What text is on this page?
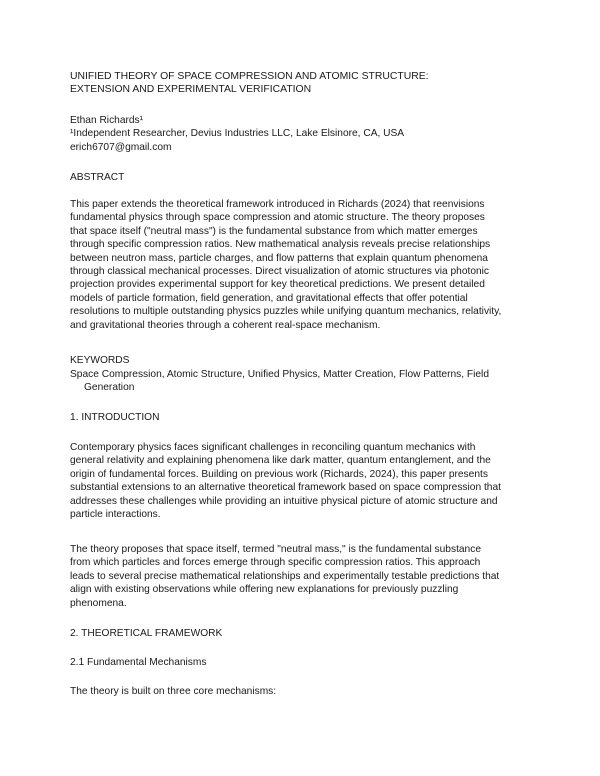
UNIFIED THEORY OF SPACE COMPRESSION AND ATOMIC STRUCTURE:
EXTENSION AND EXPERIMENTAL VERIFICATION
Ethan Richards¹
¹Independent Researcher, Devius Industries LLC, Lake Elsinore, CA, USA
erich6707@gmail.com
ABSTRACT
This paper extends the theoretical framework introduced in Richards (2024) that reenvisions
fundamental physics through space compression and atomic structure. The theory proposes
that space itself ("neutral mass") is the fundamental substance from which matter emerges
through specific compression ratios. New mathematical analysis reveals precise relationships
between neutron mass, particle charges, and flow patterns that explain quantum phenomena
through classical mechanical processes. Direct visualization of atomic structures via photonic
projection provides experimental support for key theoretical predictions. We present detailed
models of particle formation, field generation, and gravitational effects that offer potential
resolutions to multiple outstanding physics puzzles while unifying quantum mechanics, relativity,
and gravitational theories through a coherent real-space mechanism.
KEYWORDS
Space Compression, Atomic Structure, Unified Physics, Matter Creation, Flow Patterns, Field
Generation
1. INTRODUCTION
Contemporary physics faces significant challenges in reconciling quantum mechanics with
general relativity and explaining phenomena like dark matter, quantum entanglement, and the
origin of fundamental forces. Building on previous work (Richards, 2024), this paper presents
substantial extensions to an alternative theoretical framework based on space compression that
addresses these challenges while providing an intuitive physical picture of atomic structure and
particle interactions.
The theory proposes that space itself, termed "neutral mass," is the fundamental substance
from which particles and forces emerge through specific compression ratios. This approach
leads to several precise mathematical relationships and experimentally testable predictions that
align with existing observations while offering new explanations for previously puzzling
phenomena.
2. THEORETICAL FRAMEWORK
2.1 Fundamental Mechanisms
The theory is built on three core mechanisms:
